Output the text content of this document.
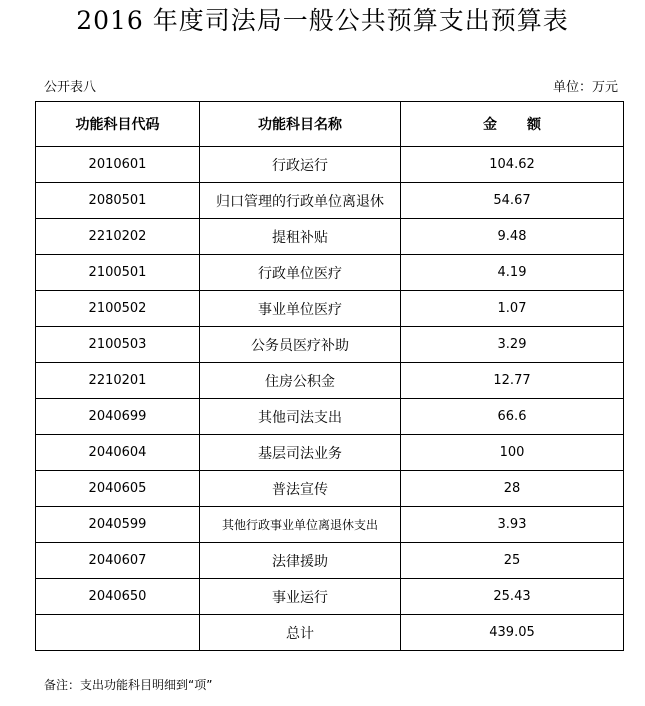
2016 年度司法局一般公共预算支出预算表
公开表八	单位：万元
功能科目代码	功能科目名称	金 额
2010601	行政运行	104.62
2080501	归口管理的行政单位离退休	54.67
2210202	提租补贴	9.48
2100501	行政单位医疗	4.19
2100502	事业单位医疗	1.07
2100503	公务员医疗补助	3.29
2210201	住房公积金	12.77
2040699	其他司法支出	66.6
2040604	基层司法业务	100
2040605	普法宣传	28
2040599	其他行政事业单位离退休支出	3.93
2040607	法律援助	25
2040650	事业运行	25.43
	总计	439.05
备注：支出功能科目明细到“项”
